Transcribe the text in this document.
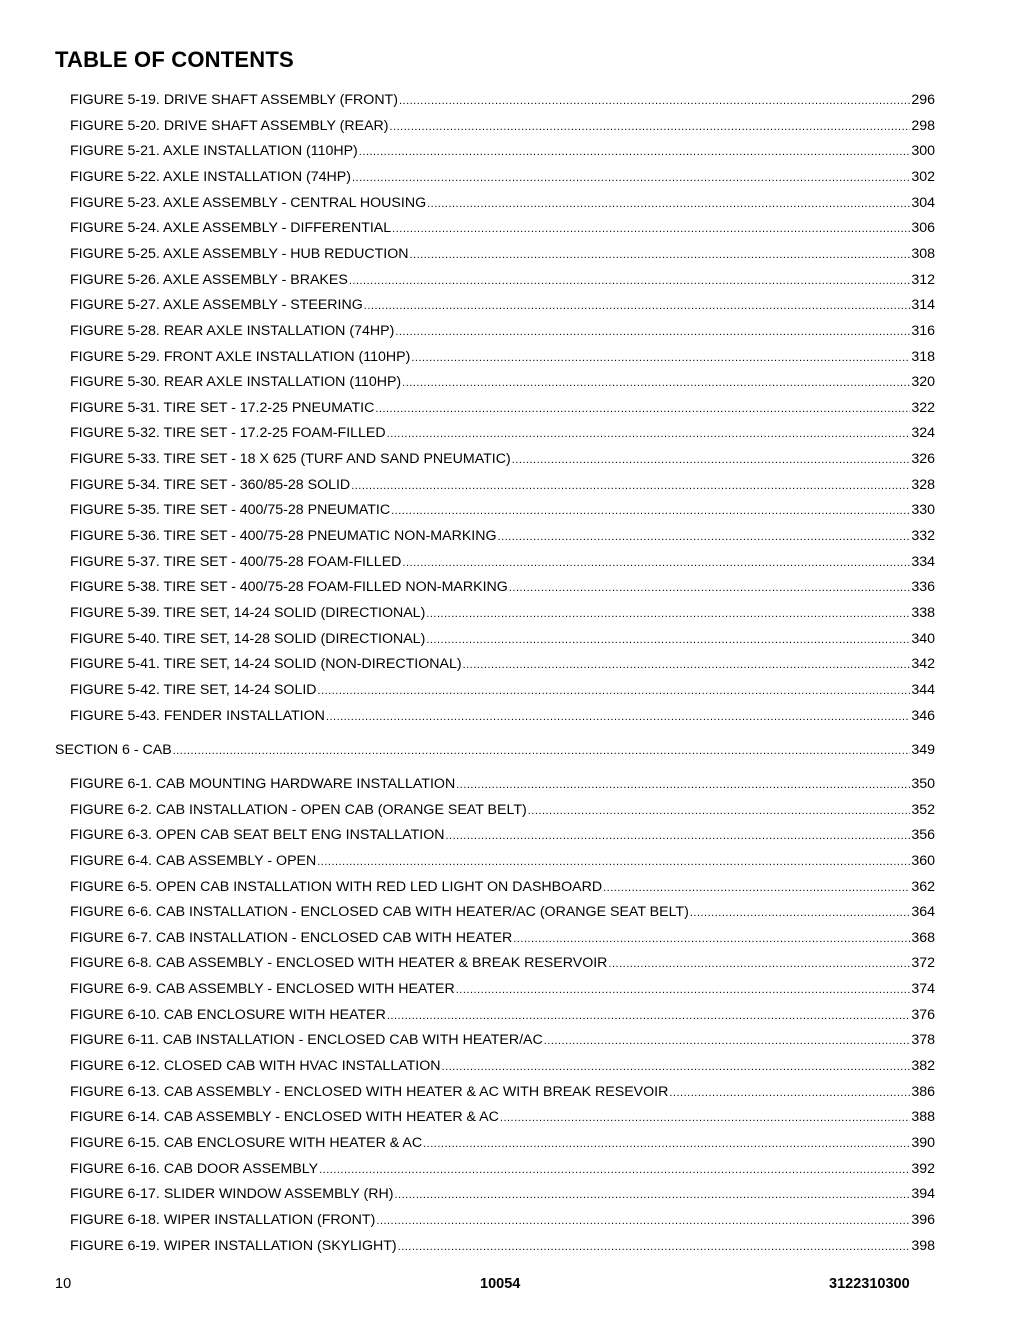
TABLE OF CONTENTS
FIGURE 5-19. DRIVE SHAFT ASSEMBLY (FRONT) .....	296
FIGURE 5-20. DRIVE SHAFT ASSEMBLY (REAR) .....	298
FIGURE 5-21. AXLE INSTALLATION (110HP) .....	300
FIGURE 5-22. AXLE INSTALLATION (74HP) .....	302
FIGURE 5-23. AXLE ASSEMBLY - CENTRAL HOUSING .....	304
FIGURE 5-24. AXLE ASSEMBLY - DIFFERENTIAL .....	306
FIGURE 5-25. AXLE ASSEMBLY - HUB REDUCTION .....	308
FIGURE 5-26. AXLE ASSEMBLY - BRAKES .....	312
FIGURE 5-27. AXLE ASSEMBLY - STEERING .....	314
FIGURE 5-28. REAR AXLE INSTALLATION (74HP) .....	316
FIGURE 5-29. FRONT AXLE INSTALLATION (110HP) .....	318
FIGURE 5-30. REAR AXLE INSTALLATION (110HP) .....	320
FIGURE 5-31. TIRE SET - 17.2-25 PNEUMATIC .....	322
FIGURE 5-32. TIRE SET - 17.2-25 FOAM-FILLED .....	324
FIGURE 5-33. TIRE SET - 18 X 625 (TURF AND SAND PNEUMATIC) .....	326
FIGURE 5-34. TIRE SET - 360/85-28 SOLID .....	328
FIGURE 5-35. TIRE SET - 400/75-28 PNEUMATIC .....	330
FIGURE 5-36. TIRE SET - 400/75-28 PNEUMATIC NON-MARKING .....	332
FIGURE 5-37. TIRE SET - 400/75-28 FOAM-FILLED .....	334
FIGURE 5-38. TIRE SET - 400/75-28 FOAM-FILLED NON-MARKING .....	336
FIGURE 5-39. TIRE SET, 14-24 SOLID (DIRECTIONAL) .....	338
FIGURE 5-40. TIRE SET, 14-28 SOLID (DIRECTIONAL) .....	340
FIGURE 5-41. TIRE SET, 14-24 SOLID (NON-DIRECTIONAL) .....	342
FIGURE 5-42. TIRE SET, 14-24 SOLID .....	344
FIGURE 5-43. FENDER INSTALLATION .....	346
SECTION 6 - CAB .....	349
FIGURE 6-1. CAB MOUNTING HARDWARE INSTALLATION .....	350
FIGURE 6-2. CAB INSTALLATION - OPEN CAB (ORANGE SEAT BELT) .....	352
FIGURE 6-3. OPEN CAB SEAT BELT ENG INSTALLATION .....	356
FIGURE 6-4. CAB ASSEMBLY - OPEN .....	360
FIGURE 6-5. OPEN CAB INSTALLATION WITH RED LED LIGHT ON DASHBOARD .....	362
FIGURE 6-6. CAB INSTALLATION - ENCLOSED CAB WITH HEATER/AC (ORANGE SEAT BELT) .....	364
FIGURE 6-7. CAB INSTALLATION - ENCLOSED CAB WITH HEATER .....	368
FIGURE 6-8. CAB ASSEMBLY - ENCLOSED WITH HEATER & BREAK RESERVOIR .....	372
FIGURE 6-9. CAB ASSEMBLY - ENCLOSED WITH HEATER .....	374
FIGURE 6-10. CAB ENCLOSURE WITH HEATER .....	376
FIGURE 6-11. CAB INSTALLATION - ENCLOSED CAB WITH HEATER/AC .....	378
FIGURE 6-12. CLOSED CAB WITH HVAC INSTALLATION .....	382
FIGURE 6-13. CAB ASSEMBLY - ENCLOSED WITH HEATER & AC WITH BREAK RESEVOIR .....	386
FIGURE 6-14. CAB ASSEMBLY - ENCLOSED WITH HEATER & AC .....	388
FIGURE 6-15. CAB ENCLOSURE WITH HEATER & AC .....	390
FIGURE 6-16. CAB DOOR ASSEMBLY .....	392
FIGURE 6-17. SLIDER WINDOW ASSEMBLY (RH) .....	394
FIGURE 6-18. WIPER INSTALLATION (FRONT) .....	396
FIGURE 6-19. WIPER INSTALLATION (SKYLIGHT) .....	398
10	10054	3122310300
